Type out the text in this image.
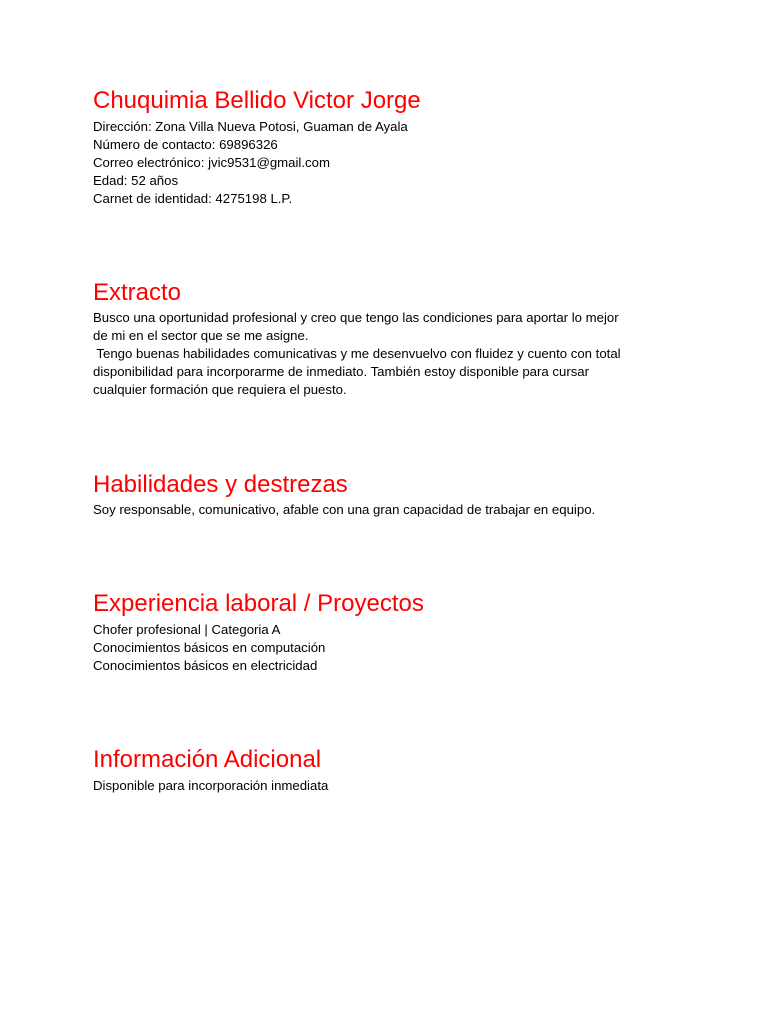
Chuquimia Bellido Victor Jorge
Dirección: Zona Villa Nueva Potosi, Guaman de Ayala
Número de contacto: 69896326
Correo electrónico: jvic9531@gmail.com
Edad: 52 años
Carnet de identidad: 4275198 L.P.
Extracto
Busco una oportunidad profesional y creo que tengo las condiciones para aportar lo mejor
de mi en el sector que se me asigne.
Tengo buenas habilidades comunicativas y me desenvuelvo con fluidez y cuento con total
disponibilidad para incorporarme de inmediato. También estoy disponible para cursar
cualquier formación que requiera el puesto.
Habilidades y destrezas
Soy responsable, comunicativo, afable con una gran capacidad de trabajar en equipo.
Experiencia laboral / Proyectos
Chofer profesional | Categoria A
Conocimientos básicos en computación
Conocimientos básicos en electricidad
Información Adicional
Disponible para incorporación inmediata
